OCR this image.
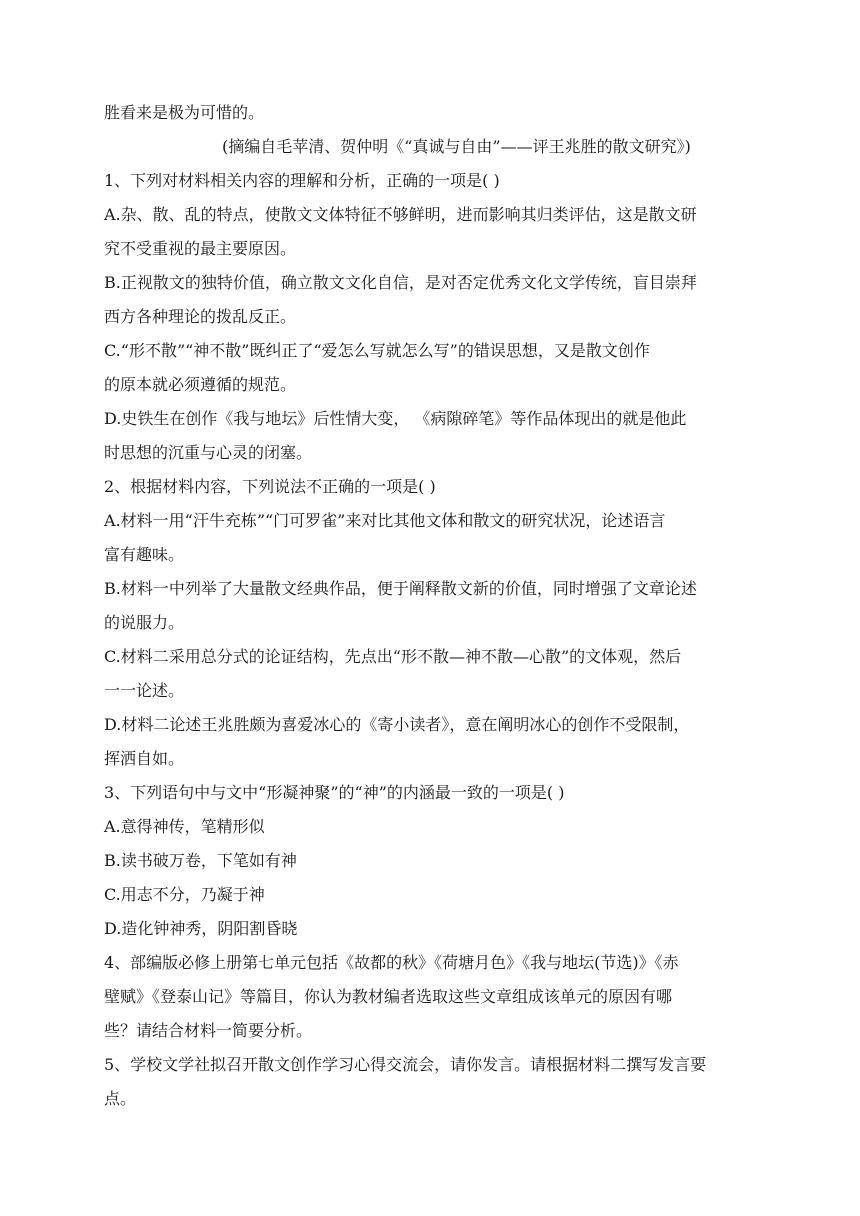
胜看来是极为可惜的。
(摘编自毛苹清、贺仲明《“真诚与自由”——评王兆胜的散文研究》)
1、下列对材料相关内容的理解和分析，正确的一项是( )
A.杂、散、乱的特点，使散文文体特征不够鲜明，进而影响其归类评估，这是散文研
究不受重视的最主要原因。
B.正视散文的独特价值，确立散文文化自信，是对否定优秀文化文学传统，盲目崇拜
西方各种理论的拨乱反正。
C.“形不散”“神不散”既纠正了“爱怎么写就怎么写”的错误思想，又是散文创作
的原本就必须遵循的规范。
D.史铁生在创作《我与地坛》后性情大变， 《病隙碎笔》等作品体现出的就是他此
时思想的沉重与心灵的闭塞。
2、根据材料内容，下列说法不正确的一项是( )
A.材料一用“汗牛充栋”“门可罗雀”来对比其他文体和散文的研究状况，论述语言
富有趣味。
B.材料一中列举了大量散文经典作品，便于阐释散文新的价值，同时增强了文章论述
的说服力。
C.材料二采用总分式的论证结构，先点出“形不散—神不散—心散”的文体观，然后
一一论述。
D.材料二论述王兆胜颇为喜爱冰心的《寄小读者》，意在阐明冰心的创作不受限制，
挥洒自如。
3、下列语句中与文中“形凝神聚”的“神”的内涵最一致的一项是( )
A.意得神传，笔精形似
B.读书破万卷，下笔如有神
C.用志不分，乃凝于神
D.造化钟神秀，阴阳割昏晓
4、部编版必修上册第七单元包括《故都的秋》《荷塘月色》《我与地坛(节选)》《赤
壁赋》《登泰山记》等篇目，你认为教材编者选取这些文章组成该单元的原因有哪
些？请结合材料一简要分析。
5、学校文学社拟召开散文创作学习心得交流会，请你发言。请根据材料二撰写发言要
点。
